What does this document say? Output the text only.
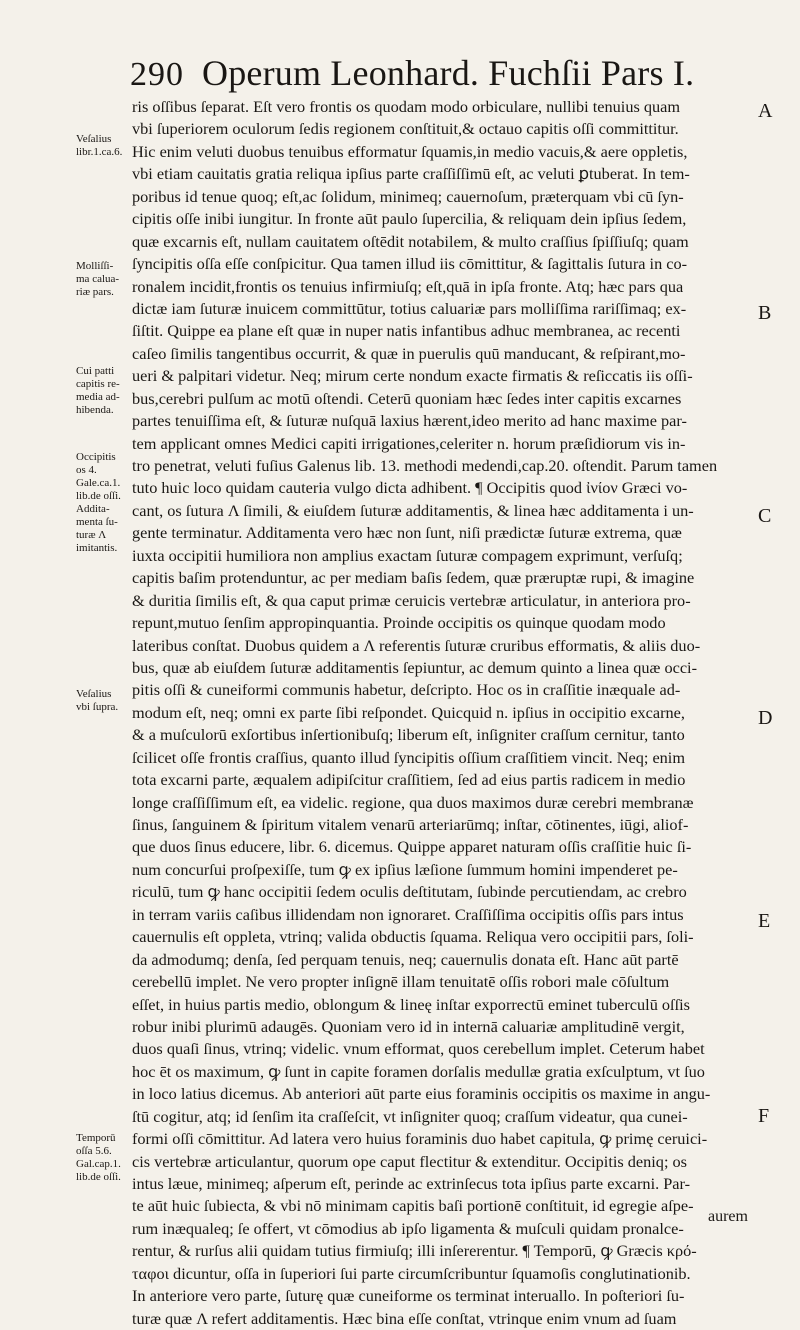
290 Operum Leonhard. Fuchſii Pars I.
Veſalius
libr.1.ca.6.
Molliſſi-
ma calua-
riæ pars.
Cui patti
capitis re-
media ad-
hibenda.
Occipitis
os 4.
Gale.ca.1.
lib.de oſſi.
Addita-
menta ſu-
turæ Λ
imitantis.
Veſalius
vbi ſupra.
Temporū
oſſa 5.6.
Gal.cap.1.
lib.de oſſi.
ris oſſibus ſeparat. Eſt vero frontis os quodam modo orbiculare, nullibi tenuius quam
vbi ſuperiorem oculorum ſedis regionem conſtituit,& octauo capitis oſſi committitur.
Hic enim veluti duobus tenuibus efformatur ſquamis,in medio vacuis,& aere oppletis,
vbi etiam cauitatis gratia reliqua ipſius parte craſſiſſimū eſt, ac veluti ꝑtuberat. In tem-
poribus id tenue quoq; eſt,ac ſolidum, minimeq; cauernoſum, præterquam vbi cū ſyn-
cipitis oſſe inibi iungitur. In fronte aūt paulo ſupercilia, & reliquam dein ipſius ſedem,
quæ excarnis eſt, nullam cauitatem oſtēdit notabilem, & multo craſſius ſpiſſiuſq; quam
ſyncipitis oſſa eſſe conſpicitur. Qua tamen illud iis cōmittitur, & ſagittalis ſutura in co-
ronalem incidit,frontis os tenuius infirmiuſq; eſt,quā in ipſa fronte. Atq; hæc pars qua
dictæ iam ſuturæ inuicem committūtur, totius caluariæ pars molliſſima rariſſimaq; ex-
ſiſtit. Quippe ea plane eſt quæ in nuper natis infantibus adhuc membranea, ac recenti
caſeo ſimilis tangentibus occurrit, & quæ in puerulis quū manducant, & reſpirant,mo-
ueri & palpitari videtur. Neq; mirum certe nondum exacte firmatis & reſiccatis iis oſſi-
bus,cerebri pulſum ac motū oſtendi. Ceterū quoniam hæc ſedes inter capitis excarnes
partes tenuiſſima eſt, & ſuturæ nuſquā laxius hærent,ideo merito ad hanc maxime par-
tem applicant omnes Medici capiti irrigationes,celeriter n. horum præſidiorum vis in-
tro penetrat, veluti fuſius Galenus lib. 13. methodi medendi,cap.20. oſtendit. Parum tamen
tuto huic loco quidam cauteria vulgo dicta adhibent. ¶ Occipitis quod ἰνίον Græci vo-
cant, os ſutura Λ ſimili, & eiuſdem ſuturæ additamentis, & linea hæc additamenta i un-
gente terminatur. Additamenta vero hæc non ſunt, niſi prædictæ ſuturæ extrema, quæ
iuxta occipitii humiliora non amplius exactam ſuturæ compagem exprimunt, verſuſq;
capitis baſim protenduntur, ac per mediam baſis ſedem, quæ præruptæ rupi, & imagine
& duritia ſimilis eſt, & qua caput primæ ceruicis vertebræ articulatur, in anteriora pro-
repunt,mutuo ſenſim appropinquantia. Proinde occipitis os quinque quodam modo
lateribus conſtat. Duobus quidem a Λ referentis ſuturæ cruribus efformatis, & aliis duo-
bus, quæ ab eiuſdem ſuturæ additamentis ſepiuntur, ac demum quinto a linea quæ occi-
pitis oſſi & cuneiformi communis habetur, deſcripto. Hoc os in craſſitie inæquale ad-
modum eſt, neq; omni ex parte ſibi reſpondet. Quicquid n. ipſius in occipitio excarne,
& a muſculorū exſortibus inſertionibuſq; liberum eſt, inſigniter craſſum cernitur, tanto
ſcilicet oſſe frontis craſſius, quanto illud ſyncipitis oſſium craſſitiem vincit. Neq; enim
tota excarni parte, æqualem adipiſcitur craſſitiem, ſed ad eius partis radicem in medio
longe craſſiſſimum eſt, ea videlic. regione, qua duos maximos duræ cerebri membranæ
ſinus, ſanguinem & ſpiritum vitalem venarū arteriarūmq; inſtar, cōtinentes, iūgi, aliof-
que duos ſinus educere, libr. 6. dicemus. Quippe apparet naturam oſſis craſſitie huic ſi-
num concurſui proſpexiſſe, tum ꝙ ex ipſius læſione ſummum homini impenderet pe-
riculū, tum ꝙ hanc occipitii ſedem oculis deſtitutam, ſubinde percutiendam, ac crebro
in terram variis caſibus illidendam non ignoraret. Craſſiſſima occipitis oſſis pars intus
cauernulis eſt oppleta, vtrinq; valida obductis ſquama. Reliqua vero occipitii pars, ſoli-
da admodumq; denſa, ſed perquam tenuis, neq; cauernulis donata eſt. Hanc aūt partē
cerebellū implet. Ne vero propter inſignē illam tenuitatē oſſis robori male cōſultum
eſſet, in huius partis medio, oblongum & lineę inſtar exporrectū eminet tuberculū oſſis
robur inibi plurimū adaugēs. Quoniam vero id in internā caluariæ amplitudinē vergit,
duos quaſi ſinus, vtrinq; videlic. vnum efformat, quos cerebellum implet. Ceterum habet
hoc ēt os maximum, ꝙ ſunt in capite foramen dorſalis medullæ gratia exſculptum, vt ſuo
in loco latius dicemus. Ab anteriori aūt parte eius foraminis occipitis os maxime in angu-
ſtū cogitur, atq; id ſenſim ita craſſeſcit, vt inſigniter quoq; craſſum videatur, qua cunei-
formi oſſi cōmittitur. Ad latera vero huius foraminis duo habet capitula, ꝙ primę ceruici-
cis vertebræ articulantur, quorum ope caput flectitur & extenditur. Occipitis deniq; os
intus læue, minimeq; aſperum eſt, perinde ac extrinſecus tota ipſius parte excarni. Par-
te aūt huic ſubiecta, & vbi nō minimam capitis baſi portionē conſtituit, id egregie aſpe-
rum inæqualeq; ſe offert, vt cōmodius ab ipſo ligamenta & muſculi quidam pronalce-
rentur, & rurſus alii quidam tutius firmiuſq; illi inſererentur. ¶ Temporū, ꝙ Græcis κρό-
ταφοι dicuntur, oſſa in ſuperiori ſui parte circumſcribuntur ſquamoſis conglutinationib.
In anteriore vero parte, ſuturę quæ cuneiforme os terminat interuallo. In poſteriori ſu-
turæ quæ Λ refert additamentis. Hæc bina eſſe conſtat, vtrinque enim vnum ad ſuam
A
B
C
D
E
F
aurem
